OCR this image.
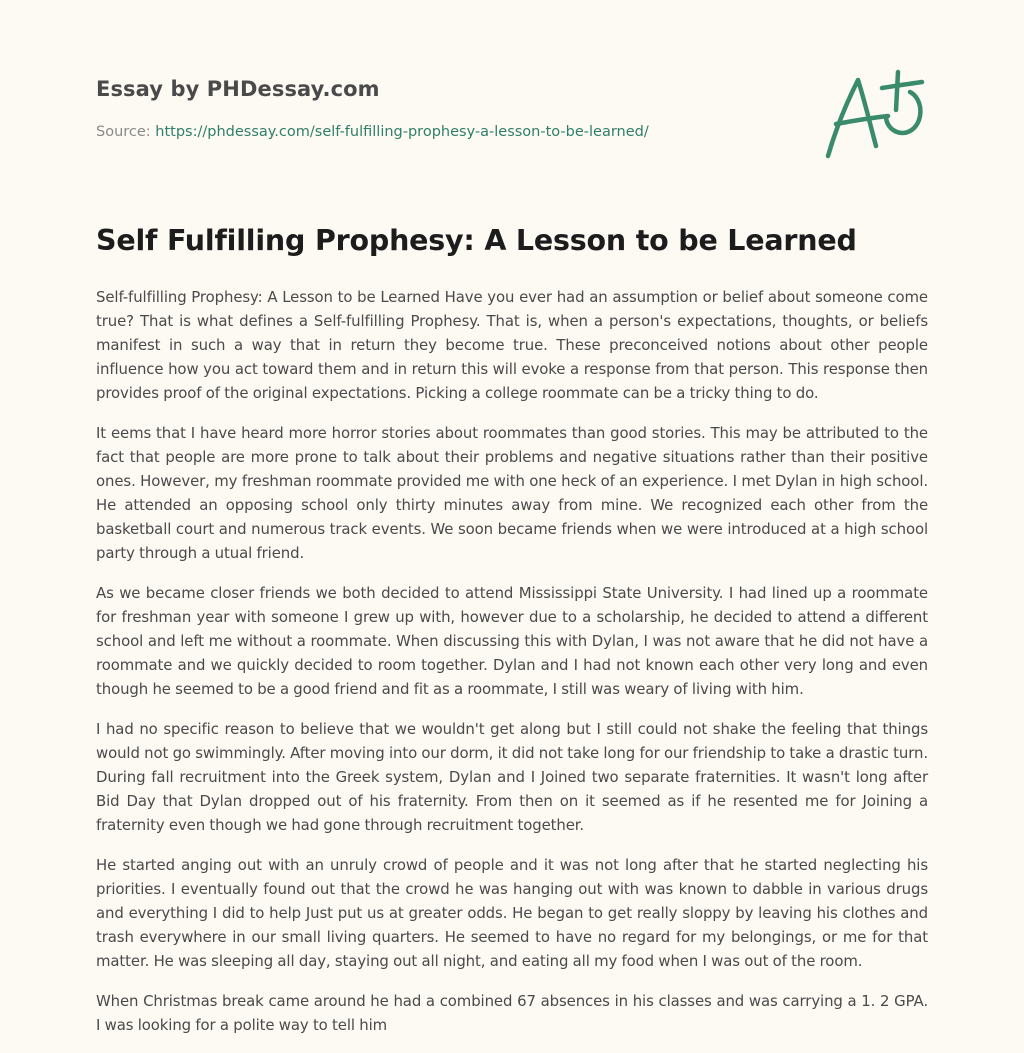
Essay by PHDessay.com
Source: https://phdessay.com/self-fulfilling-prophesy-a-lesson-to-be-learned/
Self Fulfilling Prophesy: A Lesson to be Learned

Self-fulfilling Prophesy: A Lesson to be Learned Have you ever had an assumption or belief about someone come true? That is what defines a Self-fulfilling Prophesy. That is, when a person's expectations, thoughts, or beliefs manifest in such a way that in return they become true. These preconceived notions about other people influence how you act toward them and in return this will evoke a response from that person. This response then provides proof of the original expectations. Picking a college roommate can be a tricky thing to do.

It eems that I have heard more horror stories about roommates than good stories. This may be attributed to the fact that people are more prone to talk about their problems and negative situations rather than their positive ones. However, my freshman roommate provided me with one heck of an experience. I met Dylan in high school. He attended an opposing school only thirty minutes away from mine. We recognized each other from the basketball court and numerous track events. We soon became friends when we were introduced at a high school party through a utual friend.

As we became closer friends we both decided to attend Mississippi State University. I had lined up a roommate for freshman year with someone I grew up with, however due to a scholarship, he decided to attend a different school and left me without a roommate. When discussing this with Dylan, I was not aware that he did not have a roommate and we quickly decided to room together. Dylan and I had not known each other very long and even though he seemed to be a good friend and fit as a roommate, I still was weary of living with him.

I had no specific reason to believe that we wouldn't get along but I still could not shake the feeling that things would not go swimmingly. After moving into our dorm, it did not take long for our friendship to take a drastic turn. During fall recruitment into the Greek system, Dylan and I Joined two separate fraternities. It wasn't long after Bid Day that Dylan dropped out of his fraternity. From then on it seemed as if he resented me for Joining a fraternity even though we had gone through recruitment together.

He started anging out with an unruly crowd of people and it was not long after that he started neglecting his priorities. I eventually found out that the crowd he was hanging out with was known to dabble in various drugs and everything I did to help Just put us at greater odds. He began to get really sloppy by leaving his clothes and trash everywhere in our small living quarters. He seemed to have no regard for my belongings, or me for that matter. He was sleeping all day, staying out all night, and eating all my food when I was out of the room.

When Christmas break came around he had a combined 67 absences in his classes and was carrying a 1. 2 GPA. I was looking for a polite way to tell him
